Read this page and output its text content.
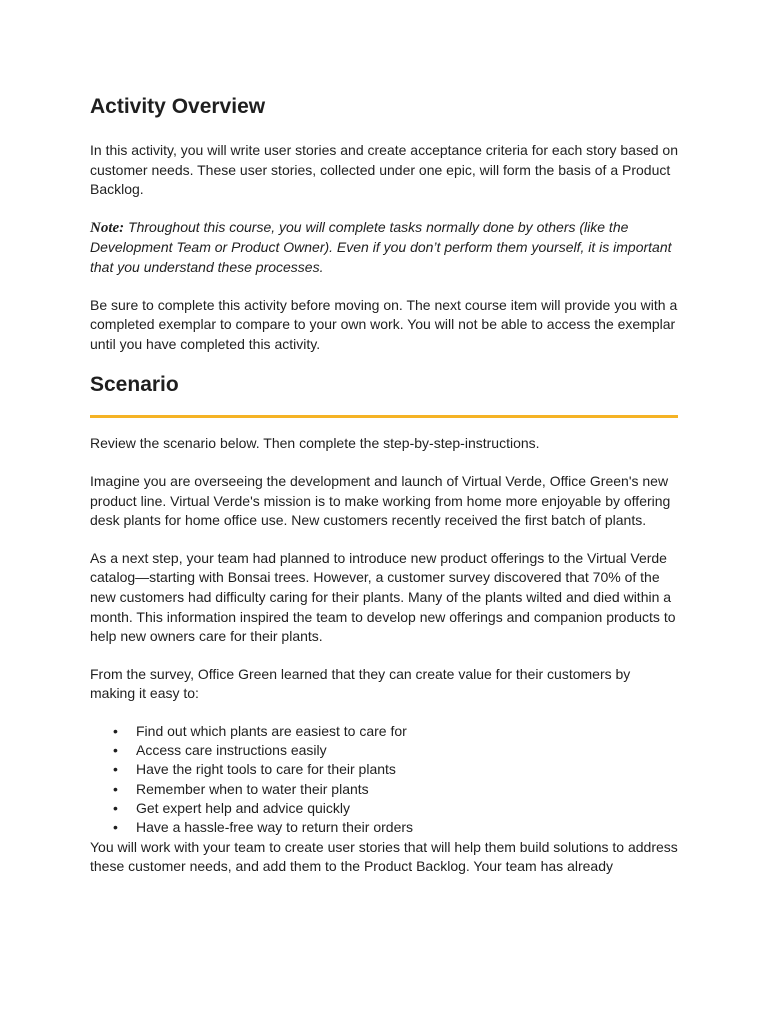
Activity Overview

In this activity, you will write user stories and create acceptance criteria for each story based on customer needs. These user stories, collected under one epic, will form the basis of a Product Backlog.

Note: Throughout this course, you will complete tasks normally done by others (like the Development Team or Product Owner). Even if you don’t perform them yourself, it is important that you understand these processes.

Be sure to complete this activity before moving on. The next course item will provide you with a completed exemplar to compare to your own work. You will not be able to access the exemplar until you have completed this activity.

Scenario

Review the scenario below. Then complete the step-by-step-instructions.

Imagine you are overseeing the development and launch of Virtual Verde, Office Green's new product line. Virtual Verde's mission is to make working from home more enjoyable by offering desk plants for home office use. New customers recently received the first batch of plants.

As a next step, your team had planned to introduce new product offerings to the Virtual Verde catalog—starting with Bonsai trees. However, a customer survey discovered that 70% of the new customers had difficulty caring for their plants. Many of the plants wilted and died within a month. This information inspired the team to develop new offerings and companion products to help new owners care for their plants.

From the survey, Office Green learned that they can create value for their customers by making it easy to:

• Find out which plants are easiest to care for
• Access care instructions easily
• Have the right tools to care for their plants
• Remember when to water their plants
• Get expert help and advice quickly
• Have a hassle-free way to return their orders

You will work with your team to create user stories that will help them build solutions to address these customer needs, and add them to the Product Backlog. Your team has already
